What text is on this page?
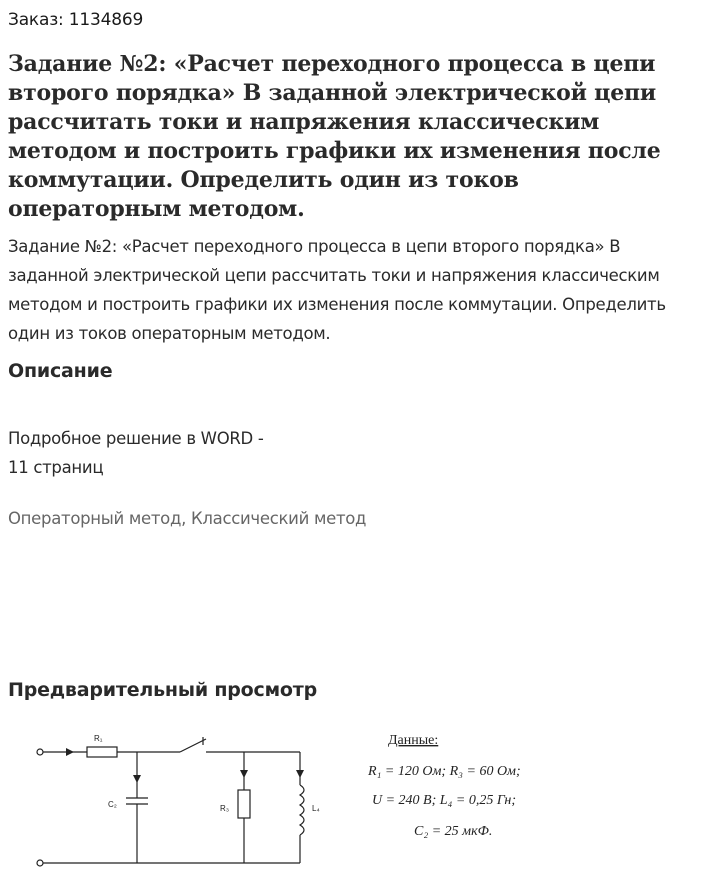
Заказ: 1134869
Задание №2: «Расчет переходного процесса в цепи второго порядка» В заданной электрической цепи рассчитать токи и напряжения классическим методом и построить графики их изменения после коммутации. Определить один из токов операторным методом.

Задание №2: «Расчет переходного процесса в цепи второго порядка» В заданной электрической цепи рассчитать токи и напряжения классическим методом и построить графики их изменения после коммутации. Определить один из токов операторным методом.

Описание

Подробное решение в WORD -
11 страниц

Операторный метод, Классический метод
Предварительный просмотр
R₁
C₂	R₃	L₄
Данные:
R₁ = 120 Ом; R₃ = 60 Ом;
U = 240 В; L₄ = 0,25 Гн;
C₂ = 25 мкФ.
